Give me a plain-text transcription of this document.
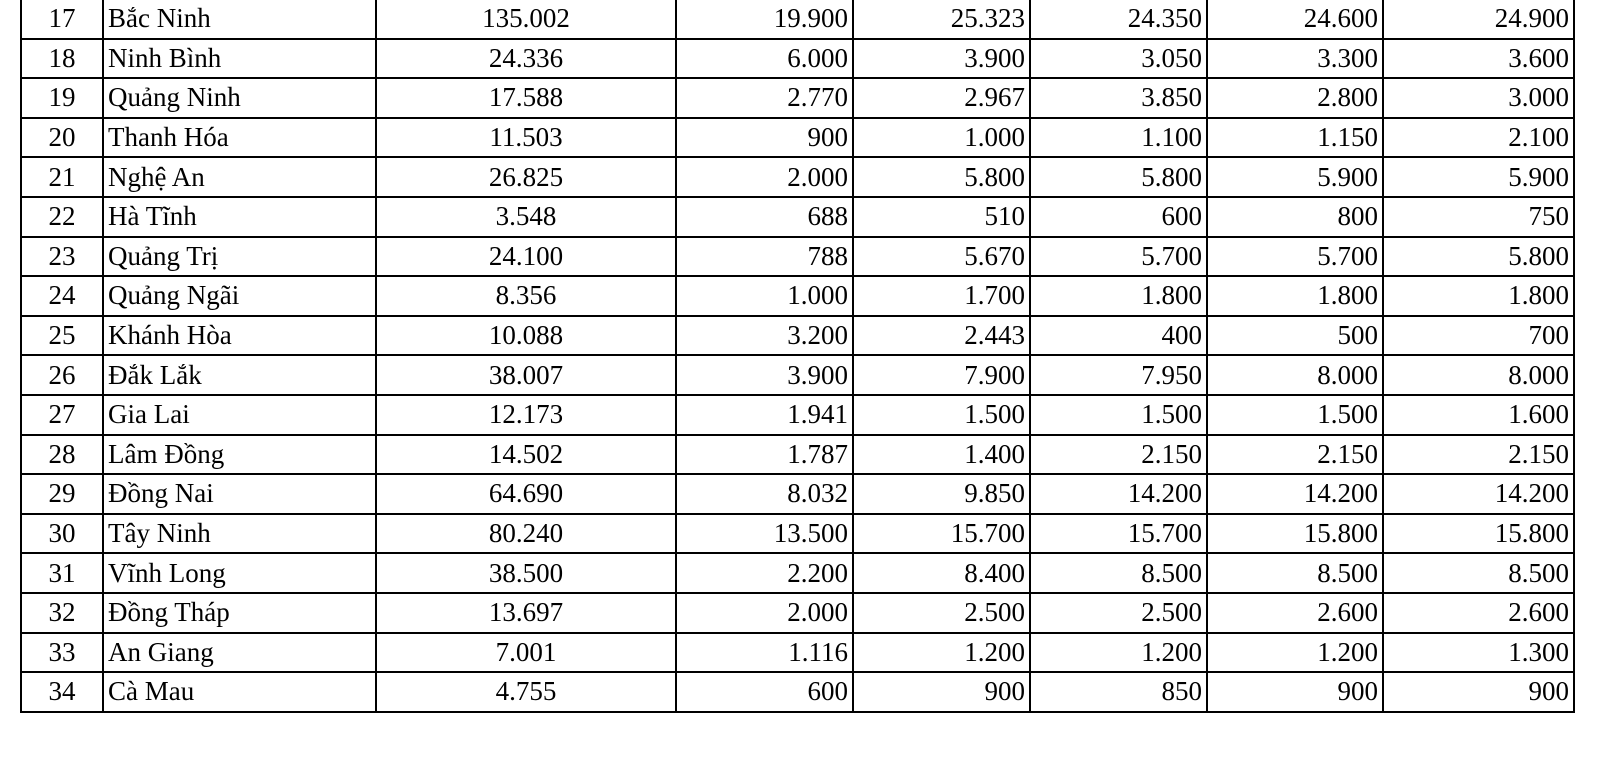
17	Bắc Ninh	135.002	19.900	25.323	24.350	24.600	24.900
18	Ninh Bình	24.336	6.000	3.900	3.050	3.300	3.600
19	Quảng Ninh	17.588	2.770	2.967	3.850	2.800	3.000
20	Thanh Hóa	11.503	900	1.000	1.100	1.150	2.100
21	Nghệ An	26.825	2.000	5.800	5.800	5.900	5.900
22	Hà Tĩnh	3.548	688	510	600	800	750
23	Quảng Trị	24.100	788	5.670	5.700	5.700	5.800
24	Quảng Ngãi	8.356	1.000	1.700	1.800	1.800	1.800
25	Khánh Hòa	10.088	3.200	2.443	400	500	700
26	Đắk Lắk	38.007	3.900	7.900	7.950	8.000	8.000
27	Gia Lai	12.173	1.941	1.500	1.500	1.500	1.600
28	Lâm Đồng	14.502	1.787	1.400	2.150	2.150	2.150
29	Đồng Nai	64.690	8.032	9.850	14.200	14.200	14.200
30	Tây Ninh	80.240	13.500	15.700	15.700	15.800	15.800
31	Vĩnh Long	38.500	2.200	8.400	8.500	8.500	8.500
32	Đồng Tháp	13.697	2.000	2.500	2.500	2.600	2.600
33	An Giang	7.001	1.116	1.200	1.200	1.200	1.300
34	Cà Mau	4.755	600	900	850	900	900
